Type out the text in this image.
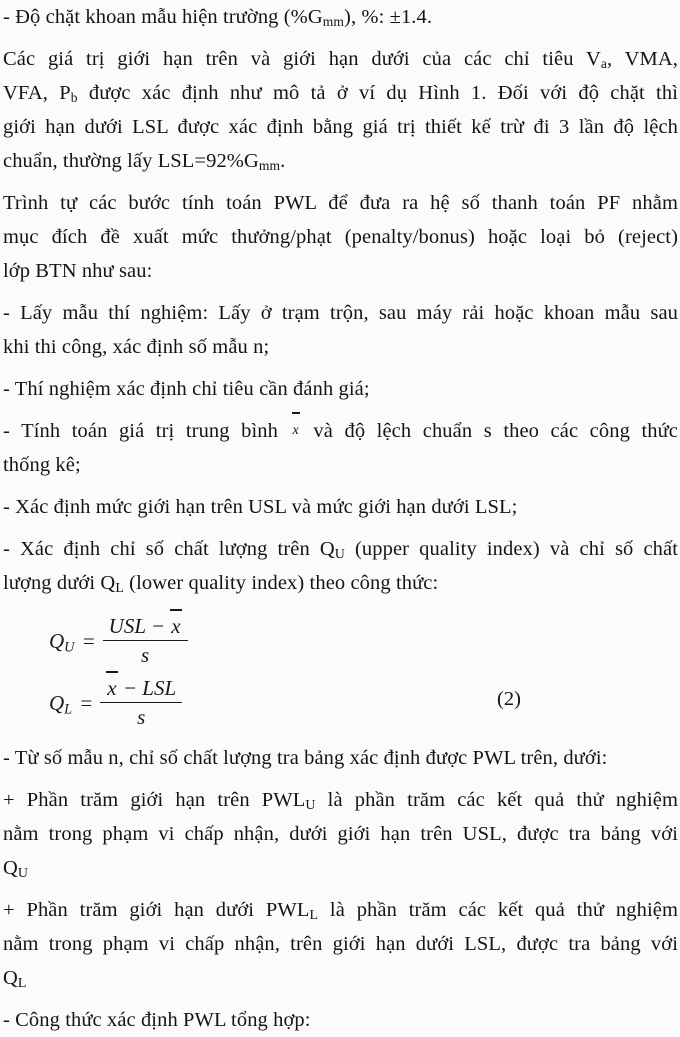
- Độ chặt khoan mẫu hiện trường $(\%G_{mm})$, %: ±1.4.
Các giá trị giới hạn trên và giới hạn dưới của các chỉ tiêu $V_a$, VMA,
VFA, $P_b$ được xác định như mô tả ở ví dụ Hình 1. Đối với độ chặt thì
giới hạn dưới LSL được xác định bằng giá trị thiết kế trừ đi 3 lần độ lệch
chuẩn, thường lấy $LSL=92\%G_{mm}$.
Trình tự các bước tính toán PWL để đưa ra hệ số thanh toán PF nhằm
mục đích đề xuất mức thưởng/phạt (penalty/bonus) hoặc loại bỏ (reject)
lớp BTN như sau:
- Lấy mẫu thí nghiệm: Lấy ở trạm trộn, sau máy rải hoặc khoan mẫu sau
khi thi công, xác định số mẫu n;
- Thí nghiệm xác định chỉ tiêu cần đánh giá;
- Tính toán giá trị trung bình x và độ lệch chuẩn s theo các công thức
thống kê;
- Xác định mức giới hạn trên USL và mức giới hạn dưới LSL;
- Xác định chỉ số chất lượng trên QU (upper quality index) và chỉ số chất
lượng dưới QL (lower quality index) theo công thức:
$Q_U = \frac{\text{USL − x}}{s}$
$Q_L = \frac{\text{x − LSL}}{s}$	(2)
- Từ số mẫu n, chỉ số chất lượng tra bảng xác định được PWL trên, dưới:
+ Phần trăm giới hạn trên PWLU là phần trăm các kết quả thử nghiệm
nằm trong phạm vi chấp nhận, dưới giới hạn trên USL, được tra bảng với
QU
+ Phần trăm giới hạn dưới PWLL là phần trăm các kết quả thử nghiệm
nằm trong phạm vi chấp nhận, trên giới hạn dưới LSL, được tra bảng với
QL
- Công thức xác định PWL tổng hợp:
